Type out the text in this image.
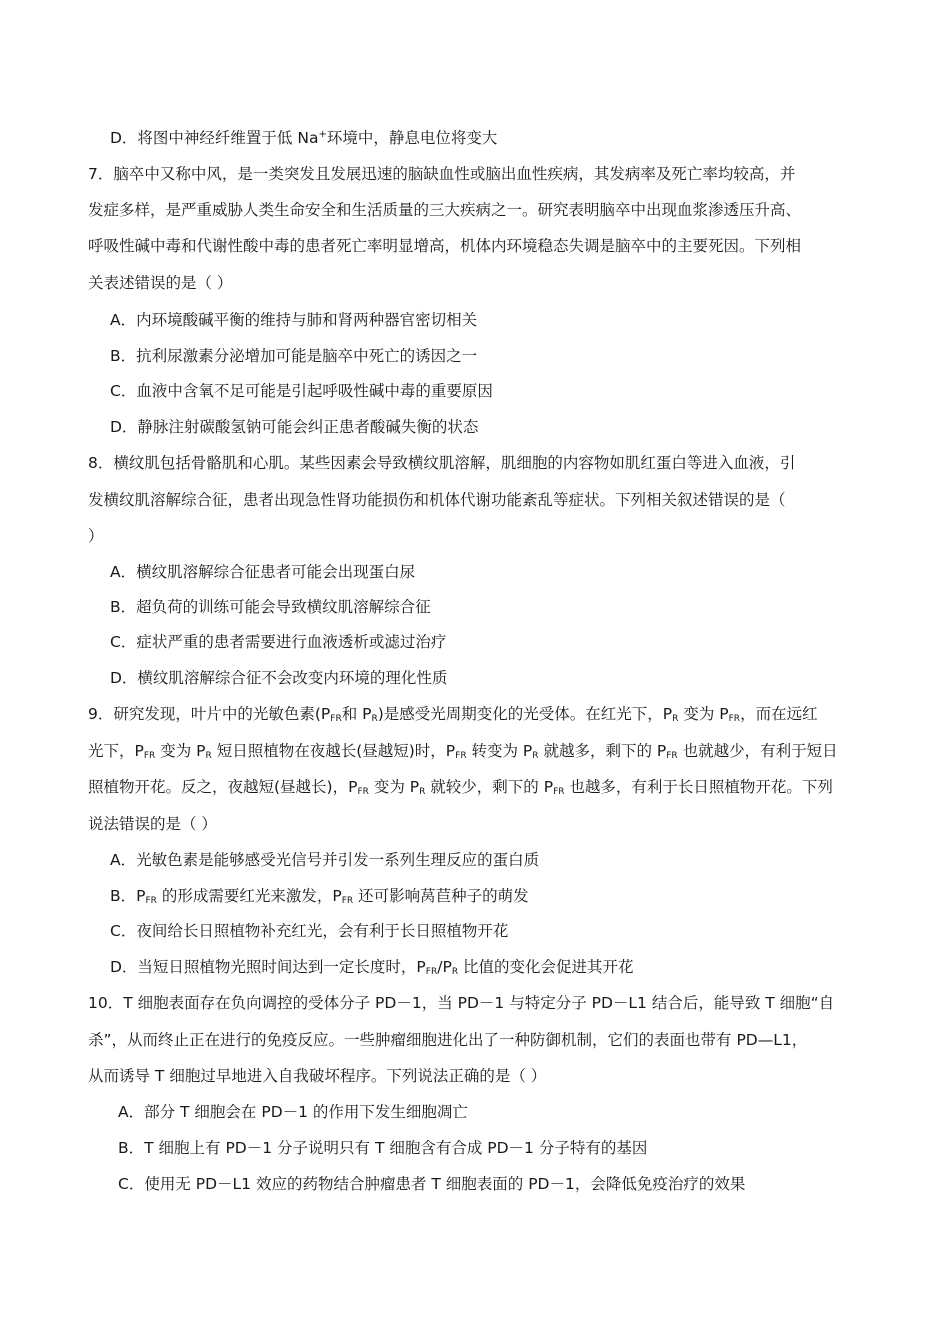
D．将图中神经纤维置于低 Na+环境中，静息电位将变大
7．脑卒中又称中风，是一类突发且发展迅速的脑缺血性或脑出血性疾病，其发病率及死亡率均较高，并
发症多样，是严重威胁人类生命安全和生活质量的三大疾病之一。研究表明脑卒中出现血浆渗透压升高、
呼吸性碱中毒和代谢性酸中毒的患者死亡率明显增高，机体内环境稳态失调是脑卒中的主要死因。下列相
关表述错误的是（ ）
A．内环境酸碱平衡的维持与肺和肾两种器官密切相关
B．抗利尿激素分泌增加可能是脑卒中死亡的诱因之一
C．血液中含氧不足可能是引起呼吸性碱中毒的重要原因
D．静脉注射碳酸氢钠可能会纠正患者酸碱失衡的状态
8．横纹肌包括骨骼肌和心肌。某些因素会导致横纹肌溶解，肌细胞的内容物如肌红蛋白等进入血液，引
发横纹肌溶解综合征，患者出现急性肾功能损伤和机体代谢功能紊乱等症状。下列相关叙述错误的是（
）
A．横纹肌溶解综合征患者可能会出现蛋白尿
B．超负荷的训练可能会导致横纹肌溶解综合征
C．症状严重的患者需要进行血液透析或滤过治疗
D．横纹肌溶解综合征不会改变内环境的理化性质
9．研究发现，叶片中的光敏色素($P_{FR}$和 $P_R$)是感受光周期变化的光受体。在红光下，$P_R$ 变为 $P_{FR}$，而在远红
光下，$P_{FR}$ 变为 $P_R$ 短日照植物在夜越长(昼越短)时，$P_{FR}$ 转变为 $P_R$ 就越多，剩下的 $P_{FR}$ 也就越少，有利于短日
照植物开花。反之，夜越短(昼越长)，$P_{FR}$ 变为 $P_R$ 就较少，剩下的 $P_{FR}$ 也越多，有利于长日照植物开花。下列
说法错误的是（ ）
A．光敏色素是能够感受光信号并引发一系列生理反应的蛋白质
B．$P_{FR}$ 的形成需要红光来激发，$P_{FR}$ 还可影响莴苣种子的萌发
C．夜间给长日照植物补充红光，会有利于长日照植物开花
D．当短日照植物光照时间达到一定长度时，$P_{FR}/P_R$ 比值的变化会促进其开花
10．T 细胞表面存在负向调控的受体分子 PD－1，当 PD－1 与特定分子 PD－L1 结合后，能导致 T 细胞“自
杀”，从而终止正在进行的免疫反应。一些肿瘤细胞进化出了一种防御机制，它们的表面也带有 PD—L1，
从而诱导 T 细胞过早地进入自我破坏程序。下列说法正确的是（ ）
A．部分 T 细胞会在 PD－1 的作用下发生细胞凋亡
B．T 细胞上有 PD－1 分子说明只有 T 细胞含有合成 PD－1 分子特有的基因
C．使用无 PD－L1 效应的药物结合肿瘤患者 T 细胞表面的 PD－1，会降低免疫治疗的效果
